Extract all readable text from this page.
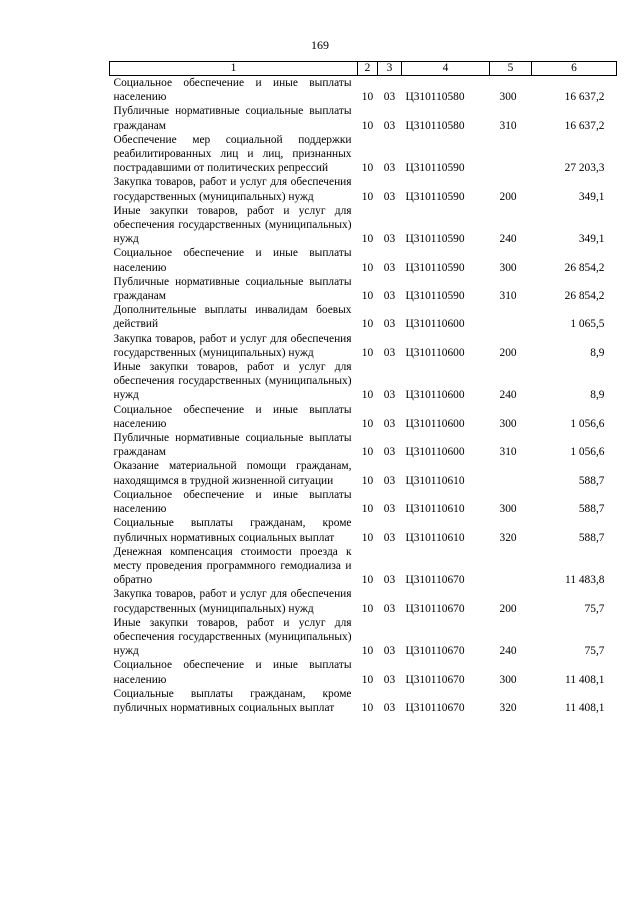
169
1	2	3	4	5	6
Социальное обеспечение и иные выплаты населению	10	03	Ц310110580	300	16 637,2
Публичные нормативные социальные выплаты гражданам	10	03	Ц310110580	310	16 637,2
Обеспечение мер социальной поддержки реабилитированных лиц и лиц, признанных пострадавшими от политических репрессий	10	03	Ц310110590		27 203,3
Закупка товаров, работ и услуг для обеспечения государственных (муниципальных) нужд	10	03	Ц310110590	200	349,1
Иные закупки товаров, работ и услуг для обеспечения государственных (муниципальных) нужд	10	03	Ц310110590	240	349,1
Социальное обеспечение и иные выплаты населению	10	03	Ц310110590	300	26 854,2
Публичные нормативные социальные выплаты гражданам	10	03	Ц310110590	310	26 854,2
Дополнительные выплаты инвалидам боевых действий	10	03	Ц310110600		1 065,5
Закупка товаров, работ и услуг для обеспечения государственных (муниципальных) нужд	10	03	Ц310110600	200	8,9
Иные закупки товаров, работ и услуг для обеспечения государственных (муниципальных) нужд	10	03	Ц310110600	240	8,9
Социальное обеспечение и иные выплаты населению	10	03	Ц310110600	300	1 056,6
Публичные нормативные социальные выплаты гражданам	10	03	Ц310110600	310	1 056,6
Оказание материальной помощи гражданам, находящимся в трудной жизненной ситуации	10	03	Ц310110610		588,7
Социальное обеспечение и иные выплаты населению	10	03	Ц310110610	300	588,7
Социальные выплаты гражданам, кроме публичных нормативных социальных выплат	10	03	Ц310110610	320	588,7
Денежная компенсация стоимости проезда к месту проведения программного гемодиализа и обратно	10	03	Ц310110670		11 483,8
Закупка товаров, работ и услуг для обеспечения государственных (муниципальных) нужд	10	03	Ц310110670	200	75,7
Иные закупки товаров, работ и услуг для обеспечения государственных (муниципальных) нужд	10	03	Ц310110670	240	75,7
Социальное обеспечение и иные выплаты населению	10	03	Ц310110670	300	11 408,1
Социальные выплаты гражданам, кроме публичных нормативных социальных выплат	10	03	Ц310110670	320	11 408,1
